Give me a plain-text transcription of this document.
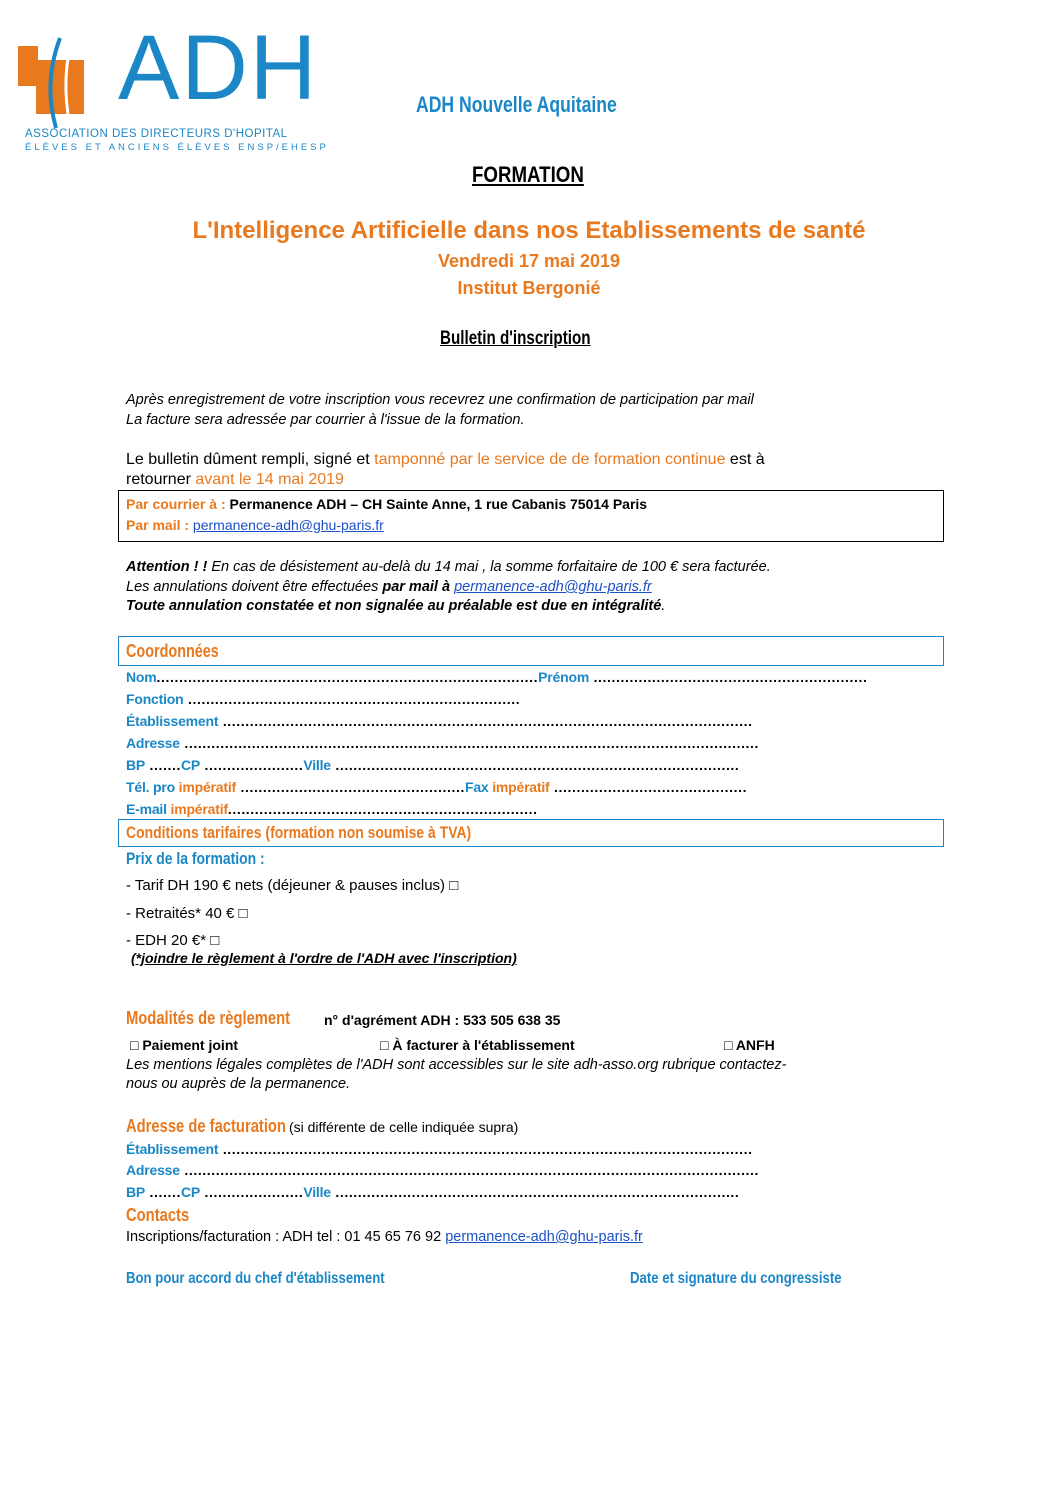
ADH
ASSOCIATION DES DIRECTEURS D'HOPITAL
ÉLÈVES ET ANCIENS ÉLÈVES ENSP/EHESP
ADH Nouvelle Aquitaine
FORMATION
L'Intelligence Artificielle dans nos Etablissements de santé
Vendredi 17 mai 2019
Institut Bergonié
Bulletin d'inscription
Après enregistrement de votre inscription vous recevrez une confirmation de participation par mail
La facture sera adressée par courrier à l'issue de la formation.
Le bulletin dûment rempli, signé et tamponné par le service de de formation continue est à
retourner avant le 14 mai 2019
Par courrier à : Permanence ADH – CH Sainte Anne, 1 rue Cabanis 75014 Paris
Par mail : permanence-adh@ghu-paris.fr
Attention ! ! En cas de désistement au-delà du 14 mai , la somme forfaitaire de 100 € sera facturée.
Les annulations doivent être effectuées par mail à permanence-adh@ghu-paris.fr
Toute annulation constatée et non signalée au préalable est due en intégralité.
Coordonnées
Nom.....................................................................................Prénom .............................................................
Fonction ..........................................................................
Établissement ......................................................................................................................
Adresse ................................................................................................................................
BP .......CP ......................Ville ..........................................................................................
Tél. pro impératif ..................................................Fax impératif ...........................................
E-mail impératif.....................................................................
Conditions tarifaires (formation non soumise à TVA)
Prix de la formation :
- Tarif DH 190 € nets (déjeuner & pauses inclus) □
- Retraités* 40 € □
- EDH 20 €* □
(*joindre le règlement à l'ordre de l'ADH avec l'inscription)
Modalités de règlement	n° d'agrément ADH : 533 505 638 35
□ Paiement joint	□ À facturer à l'établissement	□ ANFH
Les mentions légales complètes de l'ADH sont accessibles sur le site adh-asso.org rubrique contactez-
nous ou auprès de la permanence.
Adresse de facturation (si différente de celle indiquée supra)
Établissement ......................................................................................................................
Adresse ................................................................................................................................
BP .......CP ......................Ville ..........................................................................................
Contacts
Inscriptions/facturation : ADH tel : 01 45 65 76 92 permanence-adh@ghu-paris.fr
Bon pour accord du chef d'établissement	Date et signature du congressiste
